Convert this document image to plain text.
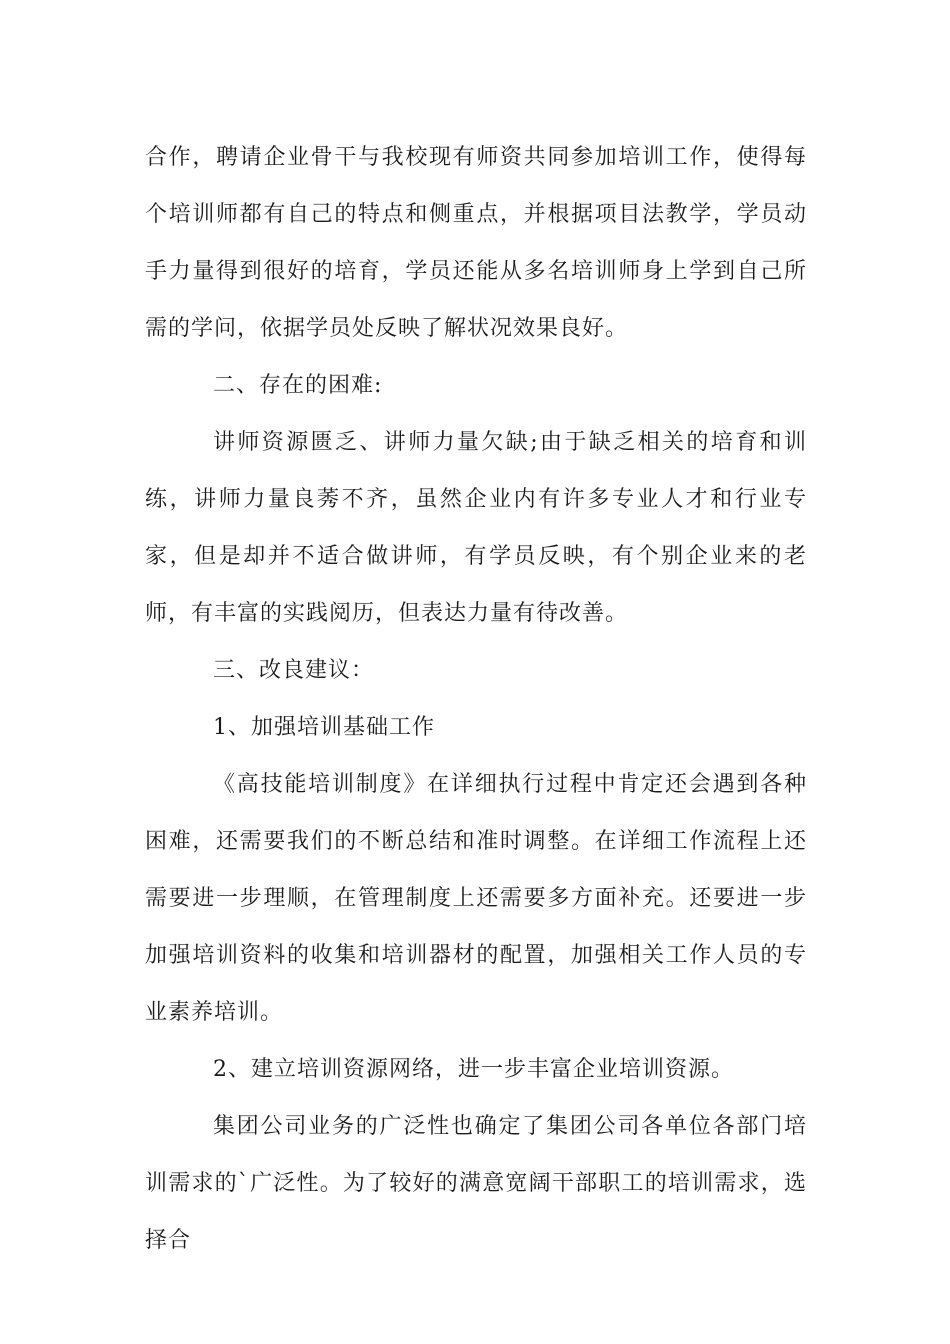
合作，聘请企业骨干与我校现有师资共同参加培训工作，使得每个培训师都有自己的特点和侧重点，并根据项目法教学，学员动手力量得到很好的培育，学员还能从多名培训师身上学到自己所需的学问，依据学员处反映了解状况效果良好。

二、存在的困难:

讲师资源匮乏、讲师力量欠缺;由于缺乏相关的培育和训练，讲师力量良莠不齐，虽然企业内有许多专业人才和行业专家，但是却并不适合做讲师，有学员反映，有个别企业来的老师，有丰富的实践阅历，但表达力量有待改善。

三、改良建议：

1、加强培训基础工作

《高技能培训制度》在详细执行过程中肯定还会遇到各种困难，还需要我们的不断总结和准时调整。在详细工作流程上还需要进一步理顺，在管理制度上还需要多方面补充。还要进一步加强培训资料的收集和培训器材的配置，加强相关工作人员的专业素养培训。

2、建立培训资源网络，进一步丰富企业培训资源。

集团公司业务的广泛性也确定了集团公司各单位各部门培训需求的`广泛性。为了较好的满意宽阔干部职工的培训需求，选择合
